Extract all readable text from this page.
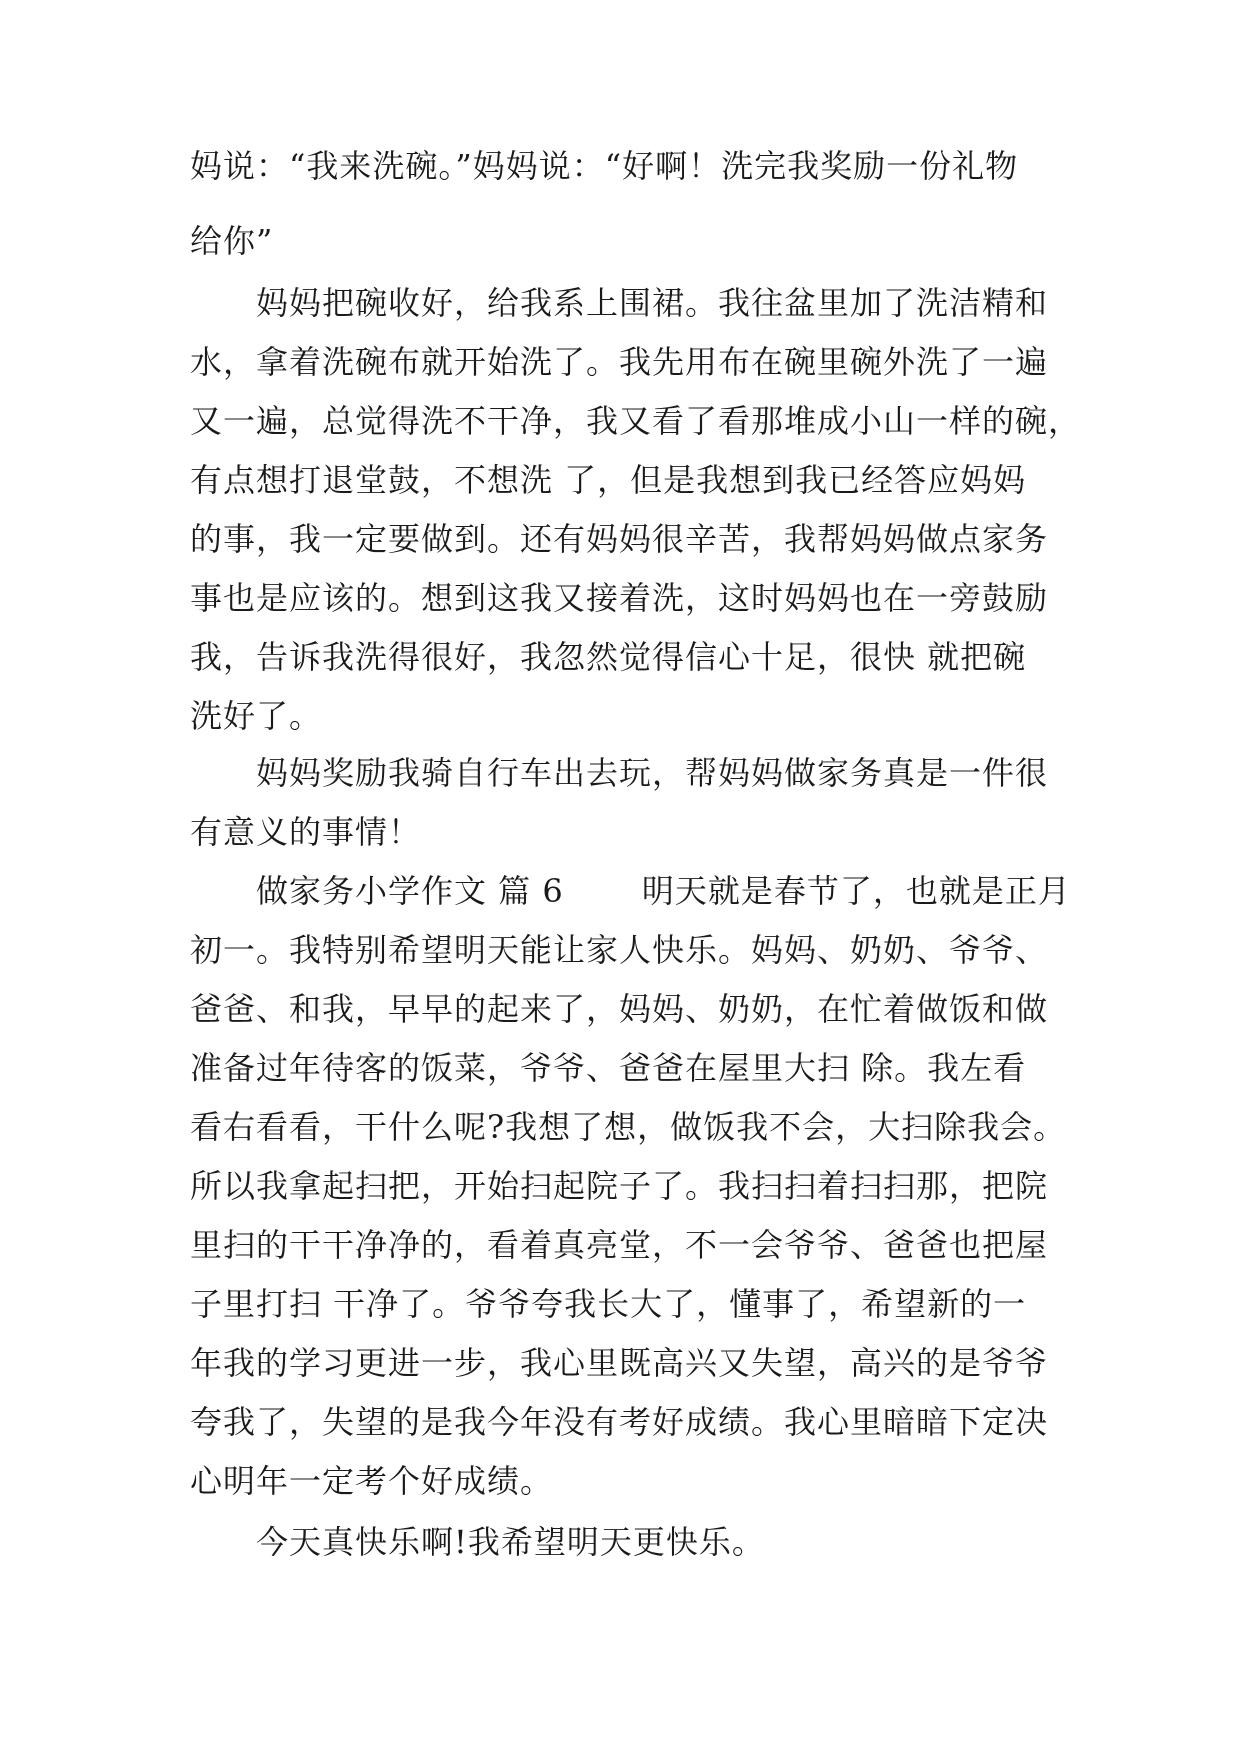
妈说：“我来洗碗。”妈妈说：“好啊！洗完我奖励一份礼物
给你”
妈妈把碗收好，给我系上围裙。我往盆里加了洗洁精和
水，拿着洗碗布就开始洗了。我先用布在碗里碗外洗了一遍
又一遍，总觉得洗不干净，我又看了看那堆成小山一样的碗，
有点想打退堂鼓，不想洗 了，但是我想到我已经答应妈妈
的事，我一定要做到。还有妈妈很辛苦，我帮妈妈做点家务
事也是应该的。想到这我又接着洗，这时妈妈也在一旁鼓励
我，告诉我洗得很好，我忽然觉得信心十足，很快 就把碗
洗好了。
妈妈奖励我骑自行车出去玩，帮妈妈做家务真是一件很
有意义的事情！
做家务小学作文 篇 6       明天就是春节了，也就是正月
初一。我特别希望明天能让家人快乐。妈妈、奶奶、爷爷、
爸爸、和我，早早的起来了，妈妈、奶奶，在忙着做饭和做
准备过年待客的饭菜，爷爷、爸爸在屋里大扫 除。我左看
看右看看，干什么呢?我想了想，做饭我不会，大扫除我会。
所以我拿起扫把，开始扫起院子了。我扫扫着扫扫那，把院
里扫的干干净净的，看着真亮堂，不一会爷爷、爸爸也把屋
子里打扫 干净了。爷爷夸我长大了，懂事了，希望新的一
年我的学习更进一步，我心里既高兴又失望，高兴的是爷爷
夸我了，失望的是我今年没有考好成绩。我心里暗暗下定决
心明年一定考个好成绩。
今天真快乐啊!我希望明天更快乐。
